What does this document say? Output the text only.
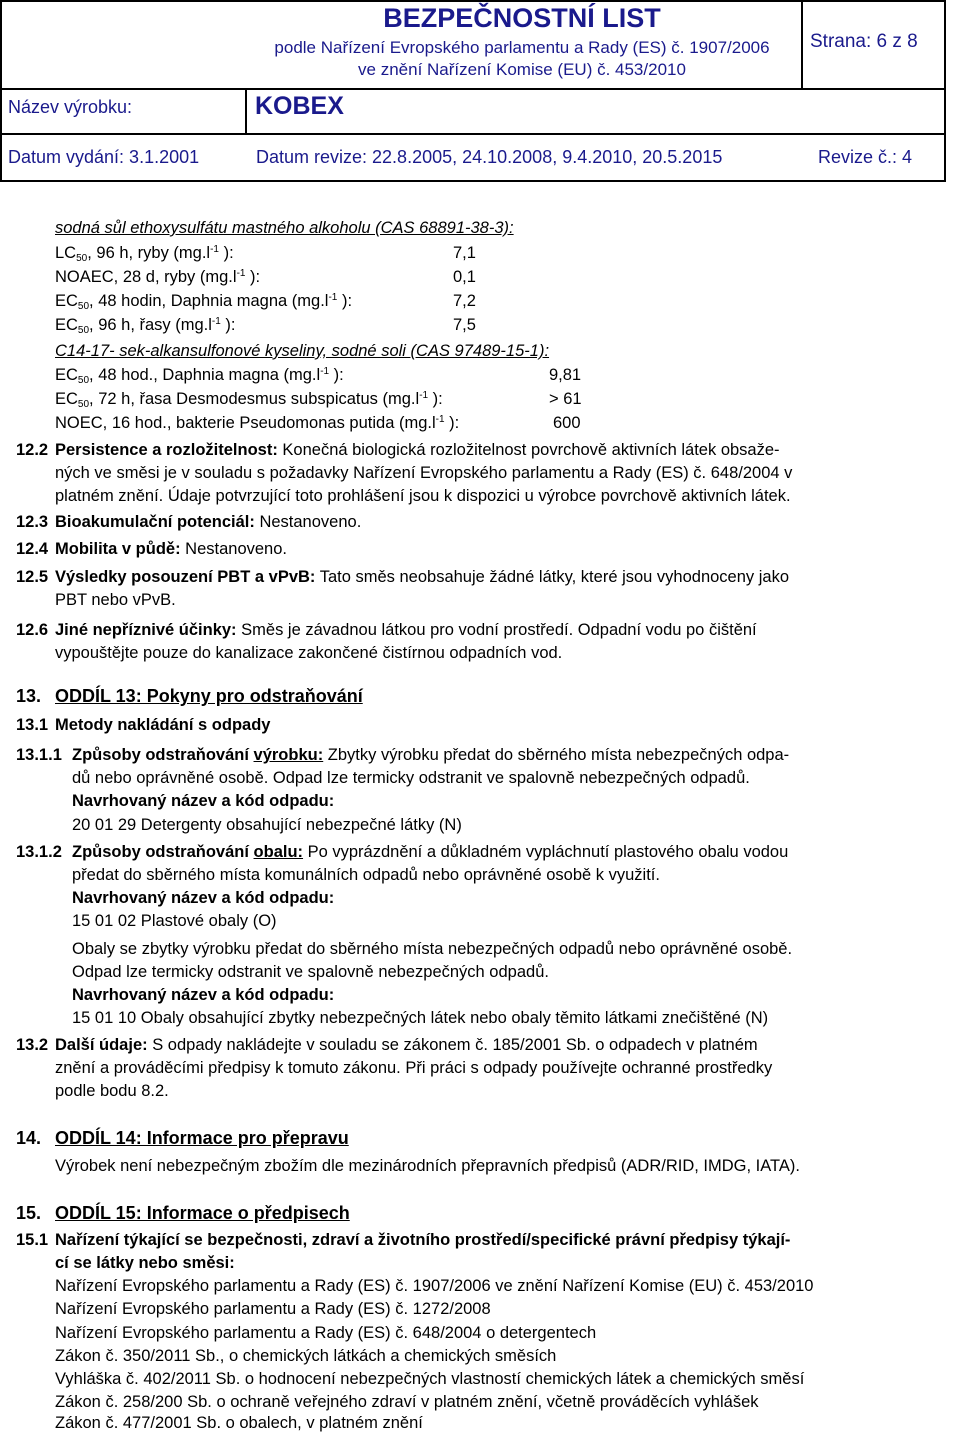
BEZPEČNOSTNÍ LIST
podle Nařízení Evropského parlamentu a Rady (ES) č. 1907/2006
ve znění Nařízení Komise (EU) č. 453/2010
Strana: 6 z 8
Název výrobku:	KOBEX
Datum vydání: 3.1.2001	Datum revize: 22.8.2005, 24.10.2008, 9.4.2010, 20.5.2015	Revize č.: 4
sodná sůl ethoxysulfátu mastného alkoholu (CAS 68891-38-3):
$LC_{50}$, 96 h, ryby ($mg.l^{-1}$ ):	7,1
NOAEC, 28 d, ryby ($mg.l^{-1}$ ):	0,1
$EC_{50}$, 48 hodin, Daphnia magna ($mg.l^{-1}$ ):	7,2
$EC_{50}$, 96 h, řasy ($mg.l^{-1}$ ):	7,5
C14-17- sek-alkansulfonové kyseliny, sodné soli (CAS 97489-15-1):
$EC_{50}$, 48 hod., Daphnia magna ($mg.l^{-1}$ ):	9,81
$EC_{50}$, 72 h, řasa Desmodesmus subspicatus ($mg.l^{-1}$ ):	> 61
NOEC, 16 hod., bakterie Pseudomonas putida ($mg.l^{-1}$ ):	600
12.2 Persistence a rozložitelnost: Konečná biologická rozložitelnost povrchově aktivních látek obsaže-
ných ve směsi je v souladu s požadavky Nařízení Evropského parlamentu a Rady (ES) č. 648/2004 v
platném znění. Údaje potvrzující toto prohlášení jsou k dispozici u výrobce povrchově aktivních látek.
12.3 Bioakumulační potenciál: Nestanoveno.
12.4 Mobilita v půdě: Nestanoveno.
12.5 Výsledky posouzení PBT a vPvB: Tato směs neobsahuje žádné látky, které jsou vyhodnoceny jako
PBT nebo vPvB.
12.6 Jiné nepříznivé účinky: Směs je závadnou látkou pro vodní prostředí. Odpadní vodu po čištění
vypouštějte pouze do kanalizace zakončené čistírnou odpadních vod.
13. ODDÍL 13: Pokyny pro odstraňování
13.1 Metody nakládání s odpady
13.1.1 Způsoby odstraňování výrobku: Zbytky výrobku předat do sběrného místa nebezpečných odpa-
dů nebo oprávněné osobě. Odpad lze termicky odstranit ve spalovně nebezpečných odpadů.
Navrhovaný název a kód odpadu:
20 01 29 Detergenty obsahující nebezpečné látky (N)
13.1.2 Způsoby odstraňování obalu: Po vyprázdnění a důkladném vypláchnutí plastového obalu vodou
předat do sběrného místa komunálních odpadů nebo oprávněné osobě k využití.
Navrhovaný název a kód odpadu:
15 01 02 Plastové obaly (O)
Obaly se zbytky výrobku předat do sběrného místa nebezpečných odpadů nebo oprávněné osobě.
Odpad lze termicky odstranit ve spalovně nebezpečných odpadů.
Navrhovaný název a kód odpadu:
15 01 10 Obaly obsahující zbytky nebezpečných látek nebo obaly těmito látkami znečištěné (N)
13.2 Další údaje: S odpady nakládejte v souladu se zákonem č. 185/2001 Sb. o odpadech v platném
znění a prováděcími předpisy k tomuto zákonu. Při práci s odpady používejte ochranné prostředky
podle bodu 8.2.
14. ODDÍL 14: Informace pro přepravu
Výrobek není nebezpečným zbožím dle mezinárodních přepravních předpisů (ADR/RID, IMDG, IATA).
15. ODDÍL 15: Informace o předpisech
15.1 Nařízení týkající se bezpečnosti, zdraví a životního prostředí/specifické právní předpisy týkají-
cí se látky nebo směsi:
Nařízení Evropského parlamentu a Rady (ES) č. 1907/2006 ve znění Nařízení Komise (EU) č. 453/2010
Nařízení Evropského parlamentu a Rady (ES) č. 1272/2008
Nařízení Evropského parlamentu a Rady (ES) č. 648/2004 o detergentech
Zákon č. 350/2011 Sb., o chemických látkách a chemických směsích
Vyhláška č. 402/2011 Sb. o hodnocení nebezpečných vlastností chemických látek a chemických směsí
Zákon č. 258/200 Sb. o ochraně veřejného zdraví v platném znění, včetně prováděcích vyhlášek
Zákon č. 477/2001 Sb. o obalech, v platném znění
